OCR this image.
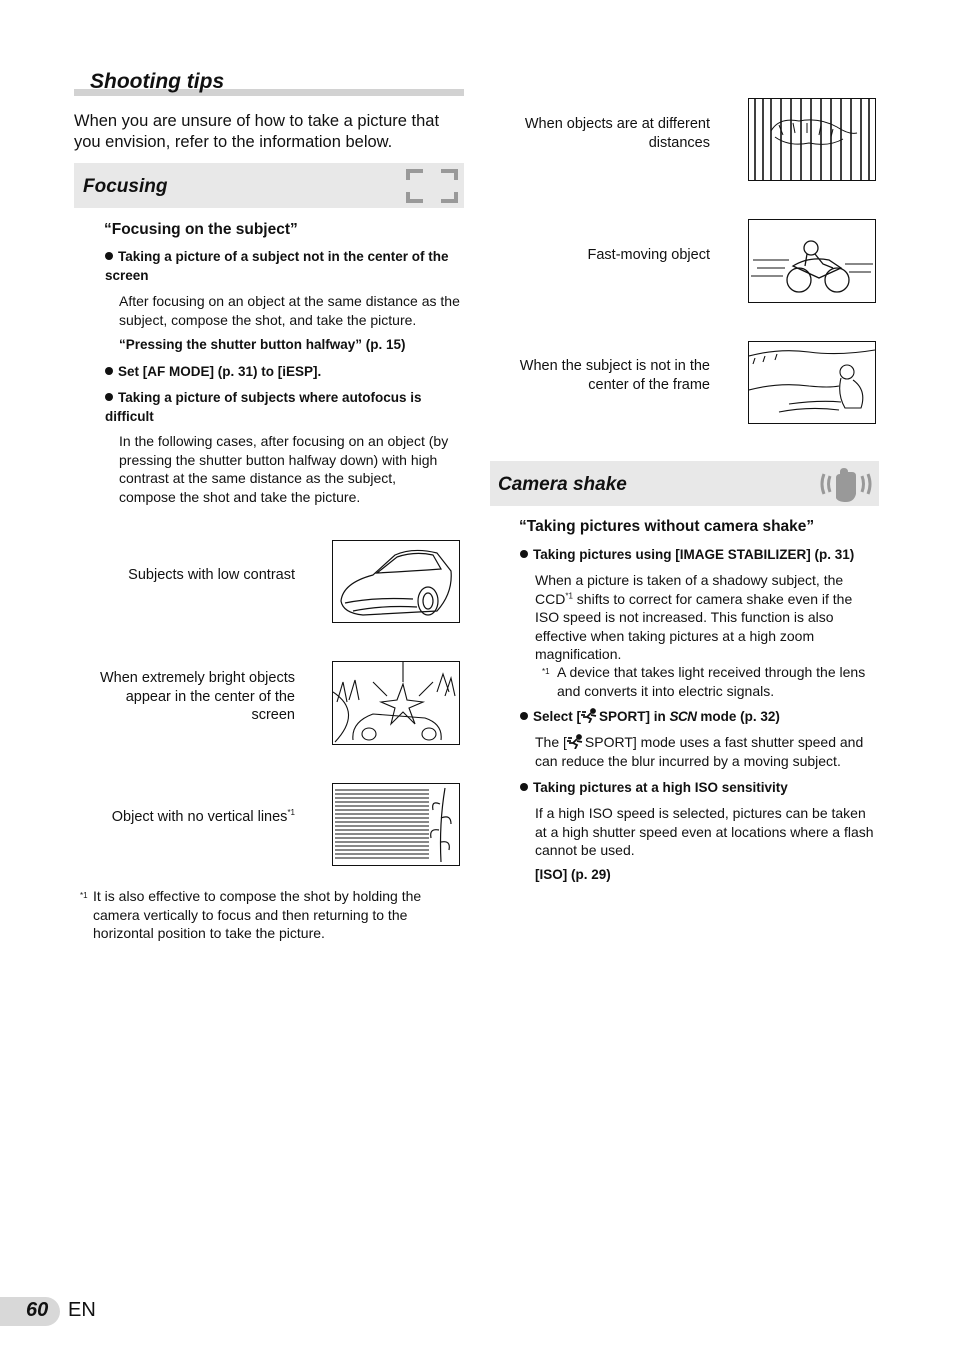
Shooting tips
When you are unsure of how to take a picture that you envision, refer to the information below.
Focusing
“Focusing on the subject”
Taking a picture of a subject not in the center of the screen
After focusing on an object at the same distance as the subject, compose the shot, and take the picture.
“Pressing the shutter button halfway” (p. 15)
Set [AF MODE] (p. 31) to [iESP].
Taking a picture of subjects where autofocus is difficult
In the following cases, after focusing on an object (by pressing the shutter button halfway down) with high contrast at the same distance as the subject, compose the shot and take the picture.
Subjects with low contrast
When extremely bright objects appear in the center of the screen
Object with no vertical lines$^{*1}$
*1 It is also effective to compose the shot by holding the camera vertically to focus and then returning to the horizontal position to take the picture.
When objects are at different distances
Fast-moving object
When the subject is not in the center of the frame
Camera shake
“Taking pictures without camera shake”
Taking pictures using [IMAGE STABILIZER] (p. 31)
When a picture is taken of a shadowy subject, the CCD$^{*1}$ shifts to correct for camera shake even if the ISO speed is not increased. This function is also effective when taking pictures at a high zoom magnification.
*1 A device that takes light received through the lens and converts it into electric signals.
Select [ SPORT] in SCN mode (p. 32)
The [ SPORT] mode uses a fast shutter speed and can reduce the blur incurred by a moving subject.
Taking pictures at a high ISO sensitivity
If a high ISO speed is selected, pictures can be taken at a high shutter speed even at locations where a flash cannot be used.
[ISO] (p. 29)
60 EN
